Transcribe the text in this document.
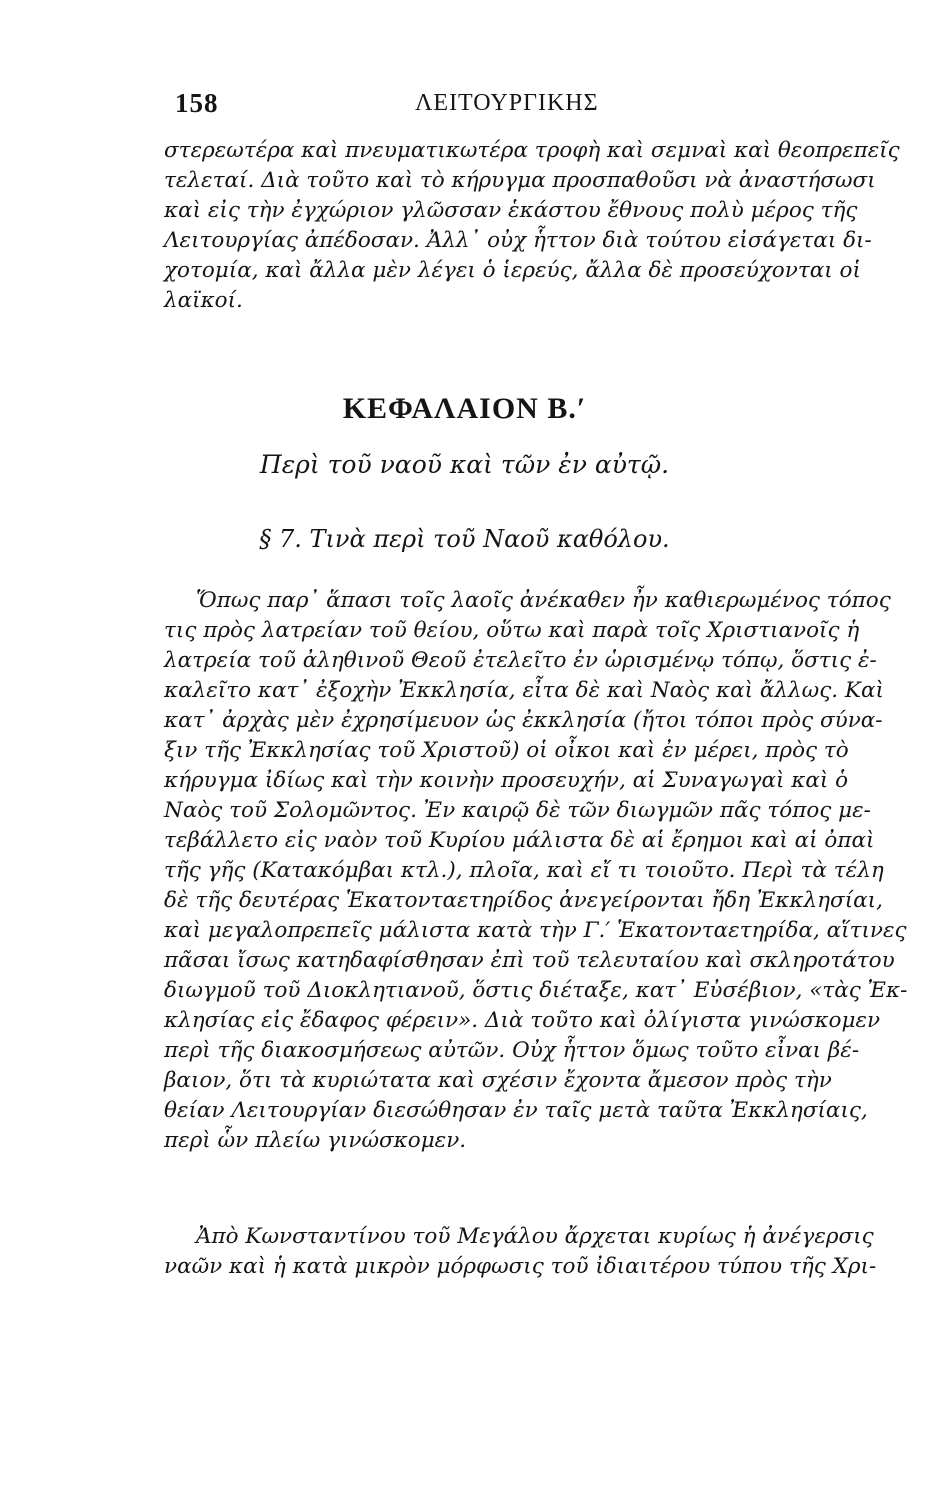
158	ΛΕΙΤΟΥΡΓΙΚΗΣ
στερεωτέρα καὶ πνευματικωτέρα τροφὴ καὶ σεμναὶ καὶ θεοπρεπεῖς
τελεταί. Διὰ τοῦτο καὶ τὸ κήρυγμα προσπαθοῦσι νὰ ἀναστήσωσι
καὶ εἰς τὴν ἐγχώριον γλῶσσαν ἑκάστου ἔθνους πολὺ μέρος τῆς
Λειτουργίας ἀπέδοσαν. Ἀλλ᾽ οὐχ ἧττον διὰ τούτου εἰσάγεται δι-
χοτομία, καὶ ἄλλα μὲν λέγει ὁ ἱερεύς, ἄλλα δὲ προσεύχονται οἱ
λαϊκοί.
ΚΕΦΑΛΑΙΟΝ Β.′
Περὶ τοῦ ναοῦ καὶ τῶν ἐν αὐτῷ.
§ 7. Τινὰ περὶ τοῦ Ναοῦ καθόλου.
Ὅπως παρ᾽ ἅπασι τοῖς λαοῖς ἀνέκαθεν ἦν καθιερωμένος τόπος
τις πρὸς λατρείαν τοῦ θείου, οὕτω καὶ παρὰ τοῖς Χριστιανοῖς ἡ
λατρεία τοῦ ἀληθινοῦ Θεοῦ ἐτελεῖτο ἐν ὡρισμένῳ τόπῳ, ὅστις ἐ-
καλεῖτο κατ᾽ ἐξοχὴν Ἐκκλησία, εἶτα δὲ καὶ Ναὸς καὶ ἄλλως. Καὶ
κατ᾽ ἀρχὰς μὲν ἐχρησίμευον ὡς ἐκκλησία (ἤτοι τόποι πρὸς σύνα-
ξιν τῆς Ἐκκλησίας τοῦ Χριστοῦ) οἱ οἶκοι καὶ ἐν μέρει, πρὸς τὸ
κήρυγμα ἰδίως καὶ τὴν κοινὴν προσευχήν, αἱ Συναγωγαὶ καὶ ὁ
Ναὸς τοῦ Σολομῶντος. Ἐν καιρῷ δὲ τῶν διωγμῶν πᾶς τόπος με-
τεβάλλετο εἰς ναὸν τοῦ Κυρίου μάλιστα δὲ αἱ ἔρημοι καὶ αἱ ὀπαὶ
τῆς γῆς (Κατακόμβαι κτλ.), πλοῖα, καὶ εἴ τι τοιοῦτο. Περὶ τὰ τέλη
δὲ τῆς δευτέρας Ἑκατονταετηρίδος ἀνεγείρονται ἤδη Ἐκκλησίαι,
καὶ μεγαλοπρεπεῖς μάλιστα κατὰ τὴν Γ.′ Ἑκατονταετηρίδα, αἵτινες
πᾶσαι ἴσως κατηδαφίσθησαν ἐπὶ τοῦ τελευταίου καὶ σκληροτάτου
διωγμοῦ τοῦ Διοκλητιανοῦ, ὅστις διέταξε, κατ᾽ Εὐσέβιον, «τὰς Ἐκ-
κλησίας εἰς ἔδαφος φέρειν». Διὰ τοῦτο καὶ ὀλίγιστα γινώσκομεν
περὶ τῆς διακοσμήσεως αὐτῶν. Οὐχ ἧττον ὅμως τοῦτο εἶναι βέ-
βαιον, ὅτι τὰ κυριώτατα καὶ σχέσιν ἔχοντα ἄμεσον πρὸς τὴν
θείαν Λειτουργίαν διεσώθησαν ἐν ταῖς μετὰ ταῦτα Ἐκκλησίαις,
περὶ ὧν πλείω γινώσκομεν.
Ἀπὸ Κωνσταντίνου τοῦ Μεγάλου ἄρχεται κυρίως ἡ ἀνέγερσις
ναῶν καὶ ἡ κατὰ μικρὸν μόρφωσις τοῦ ἰδιαιτέρου τύπου τῆς Χρι-
